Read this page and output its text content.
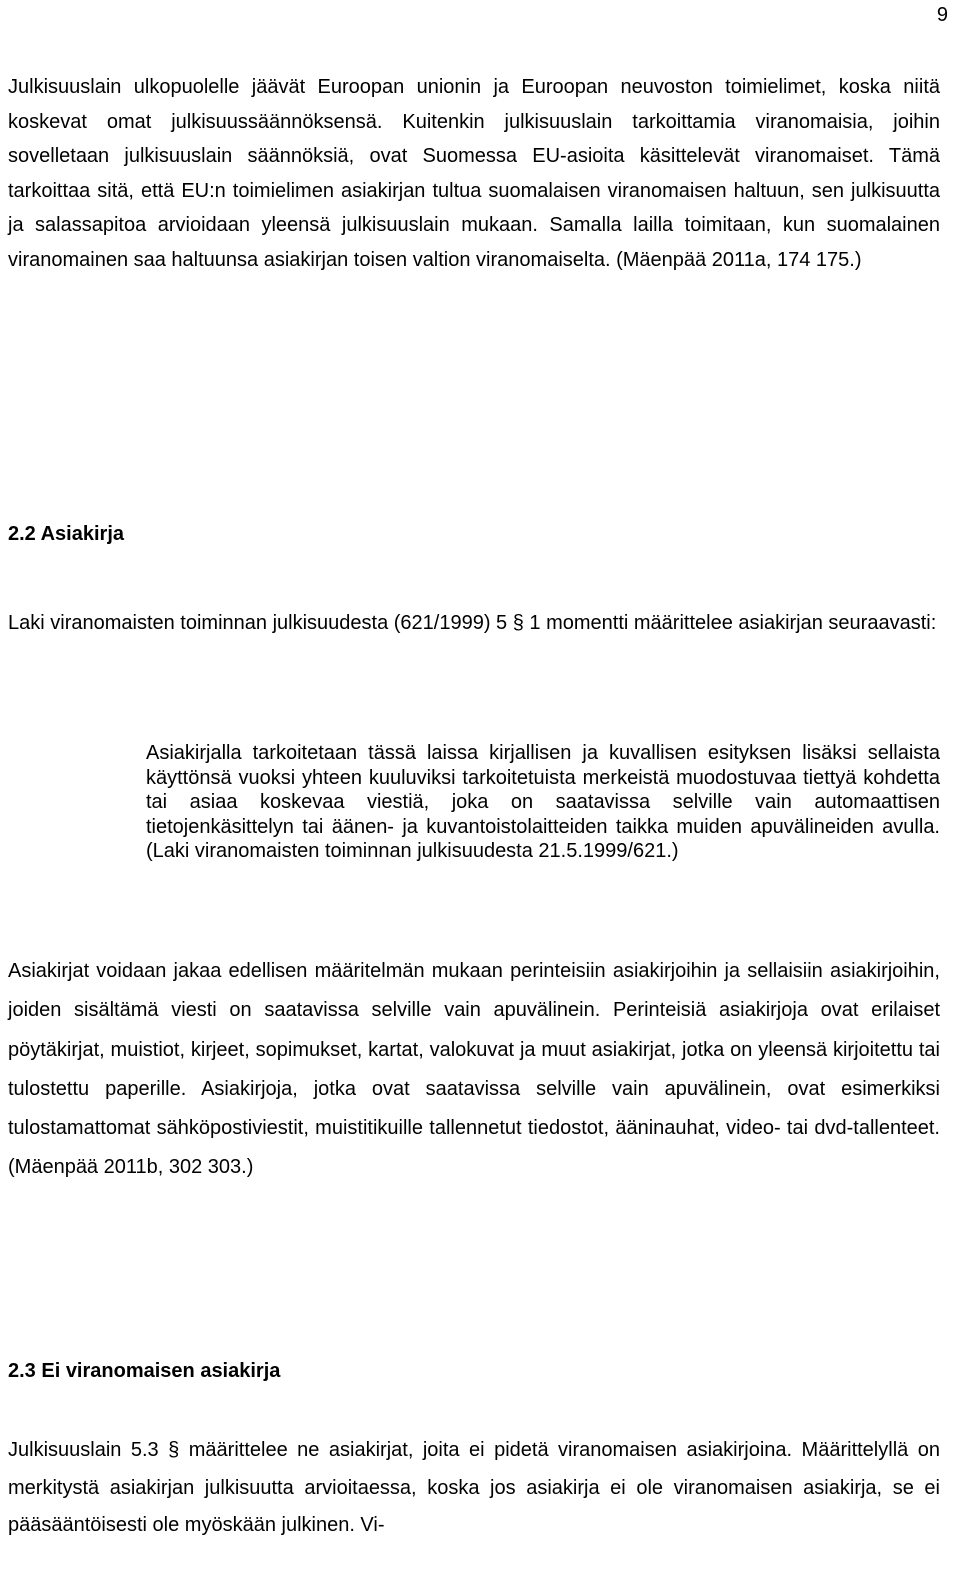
9

Julkisuuslain ulkopuolelle jäävät Euroopan unionin ja Euroopan neuvoston toimielimet, koska niitä koskevat omat julkisuussäännöksensä. Kuitenkin julkisuuslain tarkoittamia viranomaisia, joihin sovelletaan julkisuuslain säännöksiä, ovat Suomessa EU-asioita käsittelevät viranomaiset. Tämä tarkoittaa sitä, että EU:n toimielimen asiakirjan tultua suomalaisen viranomaisen haltuun, sen julkisuutta ja salassapitoa arvioidaan yleensä julkisuuslain mukaan. Samalla lailla toimitaan, kun suomalainen viranomainen saa haltuunsa asiakirjan toisen valtion viranomaiselta. (Mäenpää 2011a, 174 175.)

2.2 Asiakirja

Laki viranomaisten toiminnan julkisuudesta (621/1999) 5 § 1 momentti määrittelee asiakirjan seuraavasti:

Asiakirjalla tarkoitetaan tässä laissa kirjallisen ja kuvallisen esityksen lisäksi sellaista käyttönsä vuoksi yhteen kuuluviksi tarkoitetuista merkeistä muodostuvaa tiettyä kohdetta tai asiaa koskevaa viestiä, joka on saatavissa selville vain automaattisen tietojenkäsittelyn tai äänen- ja kuvantoistolaitteiden taikka muiden apuvälineiden avulla. (Laki viranomaisten toiminnan julkisuudesta 21.5.1999/621.)

Asiakirjat voidaan jakaa edellisen määritelmän mukaan perinteisiin asiakirjoihin ja sellaisiin asiakirjoihin, joiden sisältämä viesti on saatavissa selville vain apuvälinein. Perinteisiä asiakirjoja ovat erilaiset pöytäkirjat, muistiot, kirjeet, sopimukset, kartat, valokuvat ja muut asiakirjat, jotka on yleensä kirjoitettu tai tulostettu paperille. Asiakirjoja, jotka ovat saatavissa selville vain apuvälinein, ovat esimerkiksi tulostamattomat sähköpostiviestit, muistitikuille tallennetut tiedostot, ääninauhat, video- tai dvd-tallenteet. (Mäenpää 2011b, 302 303.)

2.3 Ei viranomaisen asiakirja

Julkisuuslain 5.3 § määrittelee ne asiakirjat, joita ei pidetä viranomaisen asiakirjoina. Määrittelyllä on merkitystä asiakirjan julkisuutta arvioitaessa, koska jos asiakirja ei ole viranomaisen asiakirja, se ei pääsääntöisesti ole myöskään julkinen. Vi-
